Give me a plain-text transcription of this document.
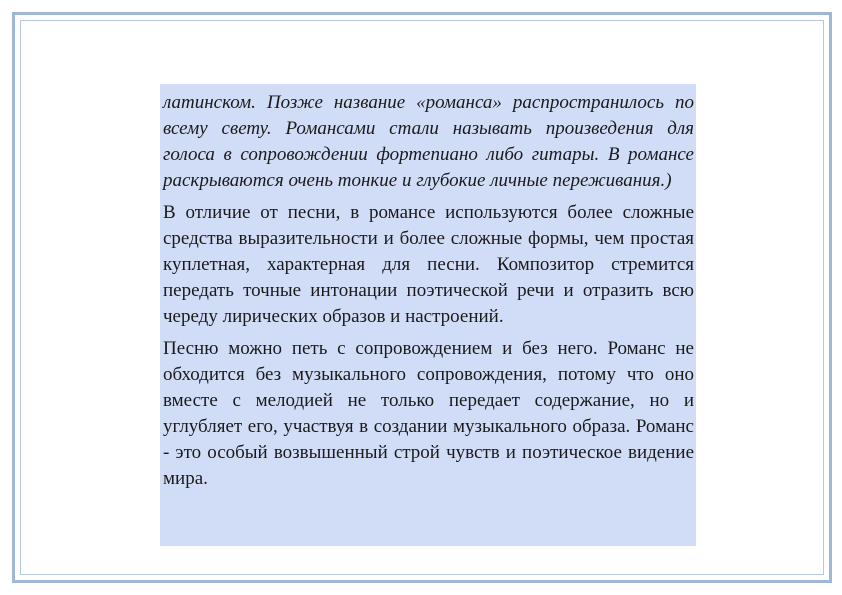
латинском. Позже название «романса» распространилось по всему свету. Романсами стали называть произведения для голоса в сопровождении фортепиано либо гитары. В романсе раскрываются очень тонкие и глубокие личные переживания.)

В отличие от песни, в романсе используются более сложные средства выразительности и более сложные формы, чем простая куплетная, характерная для песни. Композитор стремится передать точные интонации поэтической речи и отразить всю череду лирических образов и настроений.

Песню можно петь с сопровождением и без него. Романс не обходится без музыкального сопровождения, потому что оно вместе с мелодией не только передает содержание, но и углубляет его, участвуя в создании музыкального образа. Романс - это особый возвышенный строй чувств и поэтическое видение мира.
